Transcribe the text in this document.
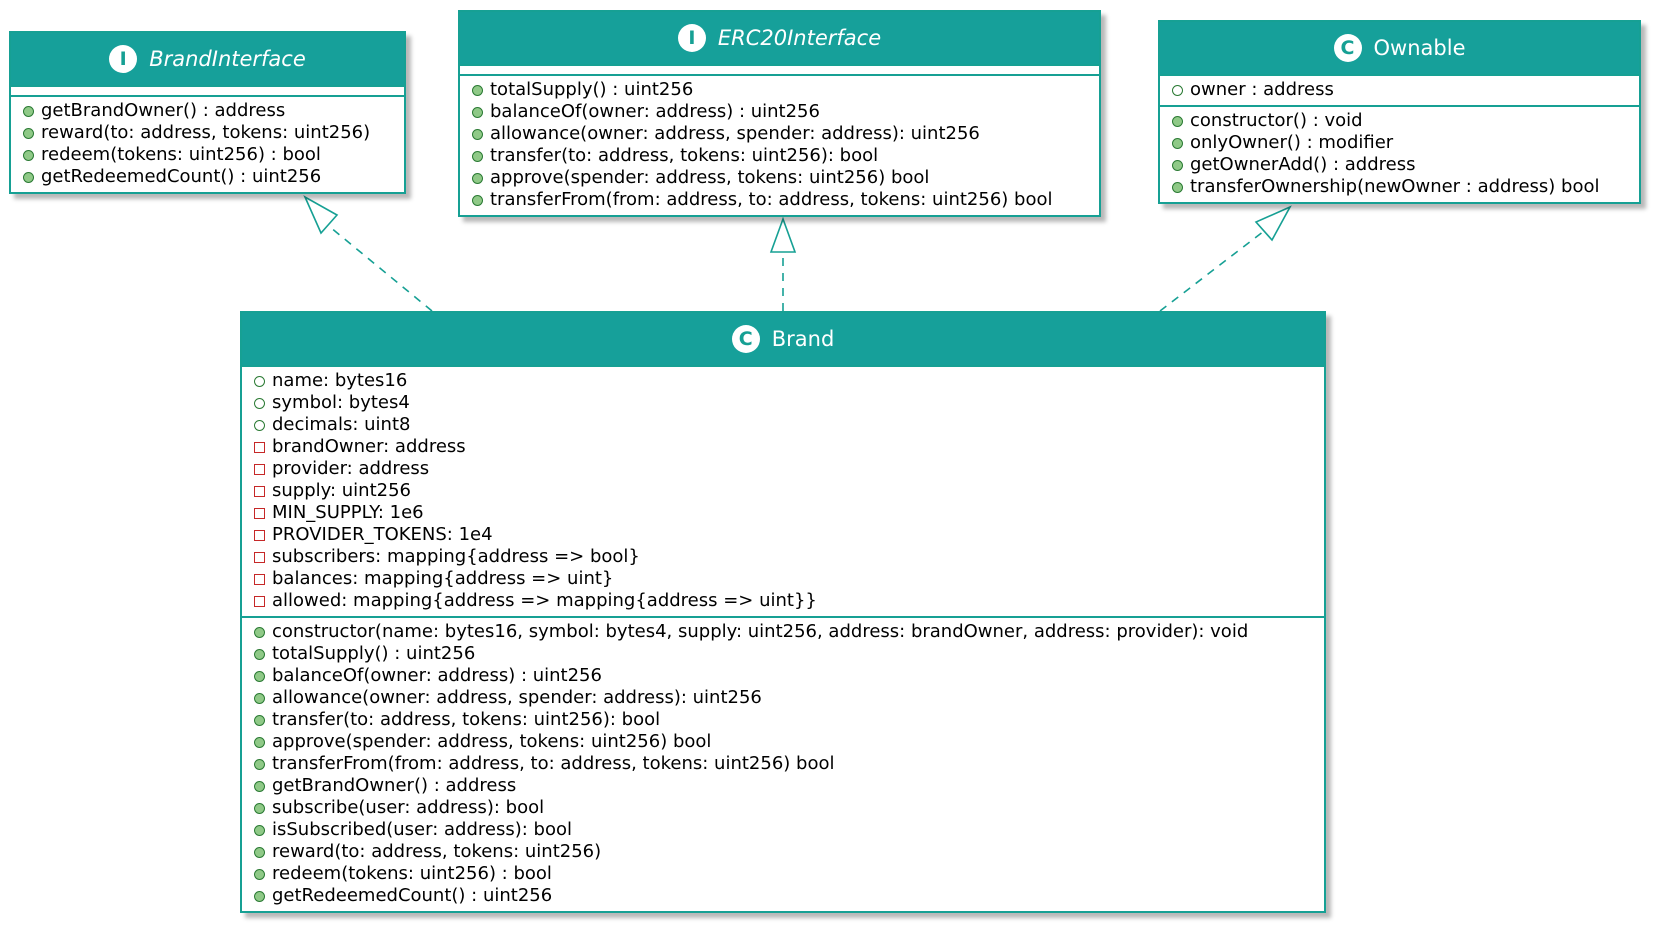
I	BrandInterface
getBrandOwner() : address
reward(to: address, tokens: uint256)
redeem(tokens: uint256) : bool
getRedeemedCount() : uint256
I	ERC20Interface
totalSupply() : uint256
balanceOf(owner: address) : uint256
allowance(owner: address, spender: address): uint256
transfer(to: address, tokens: uint256): bool
approve(spender: address, tokens: uint256) bool
transferFrom(from: address, to: address, tokens: uint256) bool
C Ownable
owner : address
constructor() : void
onlyOwner() : modifier
getOwnerAdd() : address
transferOwnership(newOwner : address) bool
C Brand
name: bytes16
symbol: bytes4
decimals: uint8
brandOwner: address
provider: address
supply: uint256
MIN_SUPPLY: 1e6
PROVIDER_TOKENS: 1e4
subscribers: mapping{address => bool}
balances: mapping{address => uint}
allowed: mapping{address => mapping{address => uint}}
constructor(name: bytes16, symbol: bytes4, supply: uint256, address: brandOwner, address: provider): void
totalSupply() : uint256
balanceOf(owner: address) : uint256
allowance(owner: address, spender: address): uint256
transfer(to: address, tokens: uint256): bool
approve(spender: address, tokens: uint256) bool
transferFrom(from: address, to: address, tokens: uint256) bool
getBrandOwner() : address
subscribe(user: address): bool
isSubscribed(user: address): bool
reward(to: address, tokens: uint256)
redeem(tokens: uint256) : bool
getRedeemedCount() : uint256
